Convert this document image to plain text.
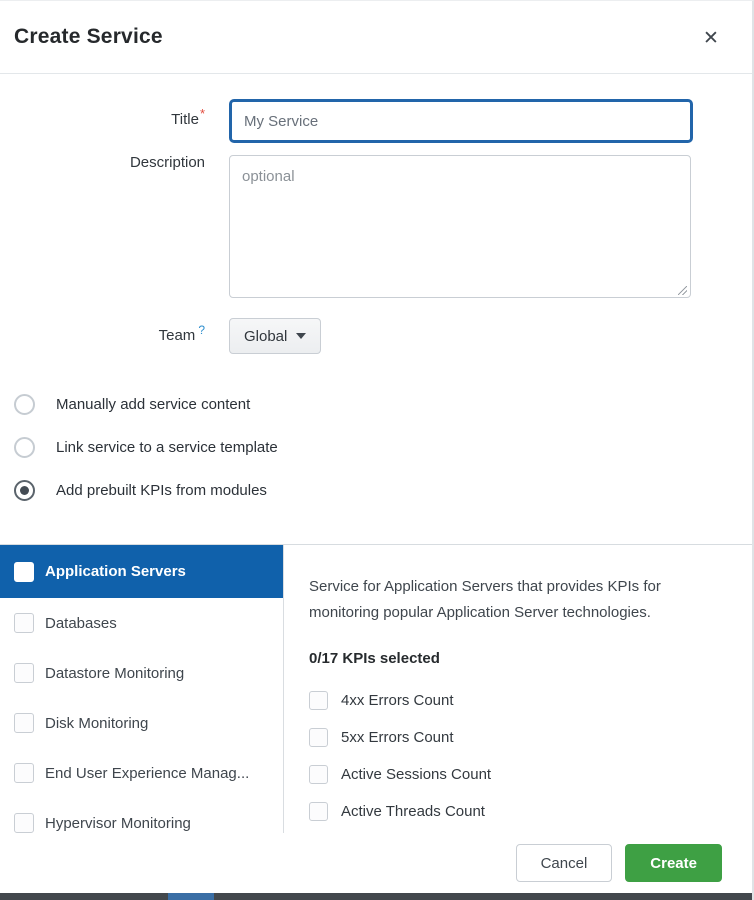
Create Service	✕
Title*
My Service
Description
optional
Team ?	Global
Manually add service content
Link service to a service template
Add prebuilt KPIs from modules
Application Servers
Databases
Datastore Monitoring
Disk Monitoring
End User Experience Manag...
Hypervisor Monitoring
Service for Application Servers that provides KPIs for monitoring popular Application Server technologies.
0/17 KPIs selected
4xx Errors Count
5xx Errors Count
Active Sessions Count
Active Threads Count
Cancel	Create
